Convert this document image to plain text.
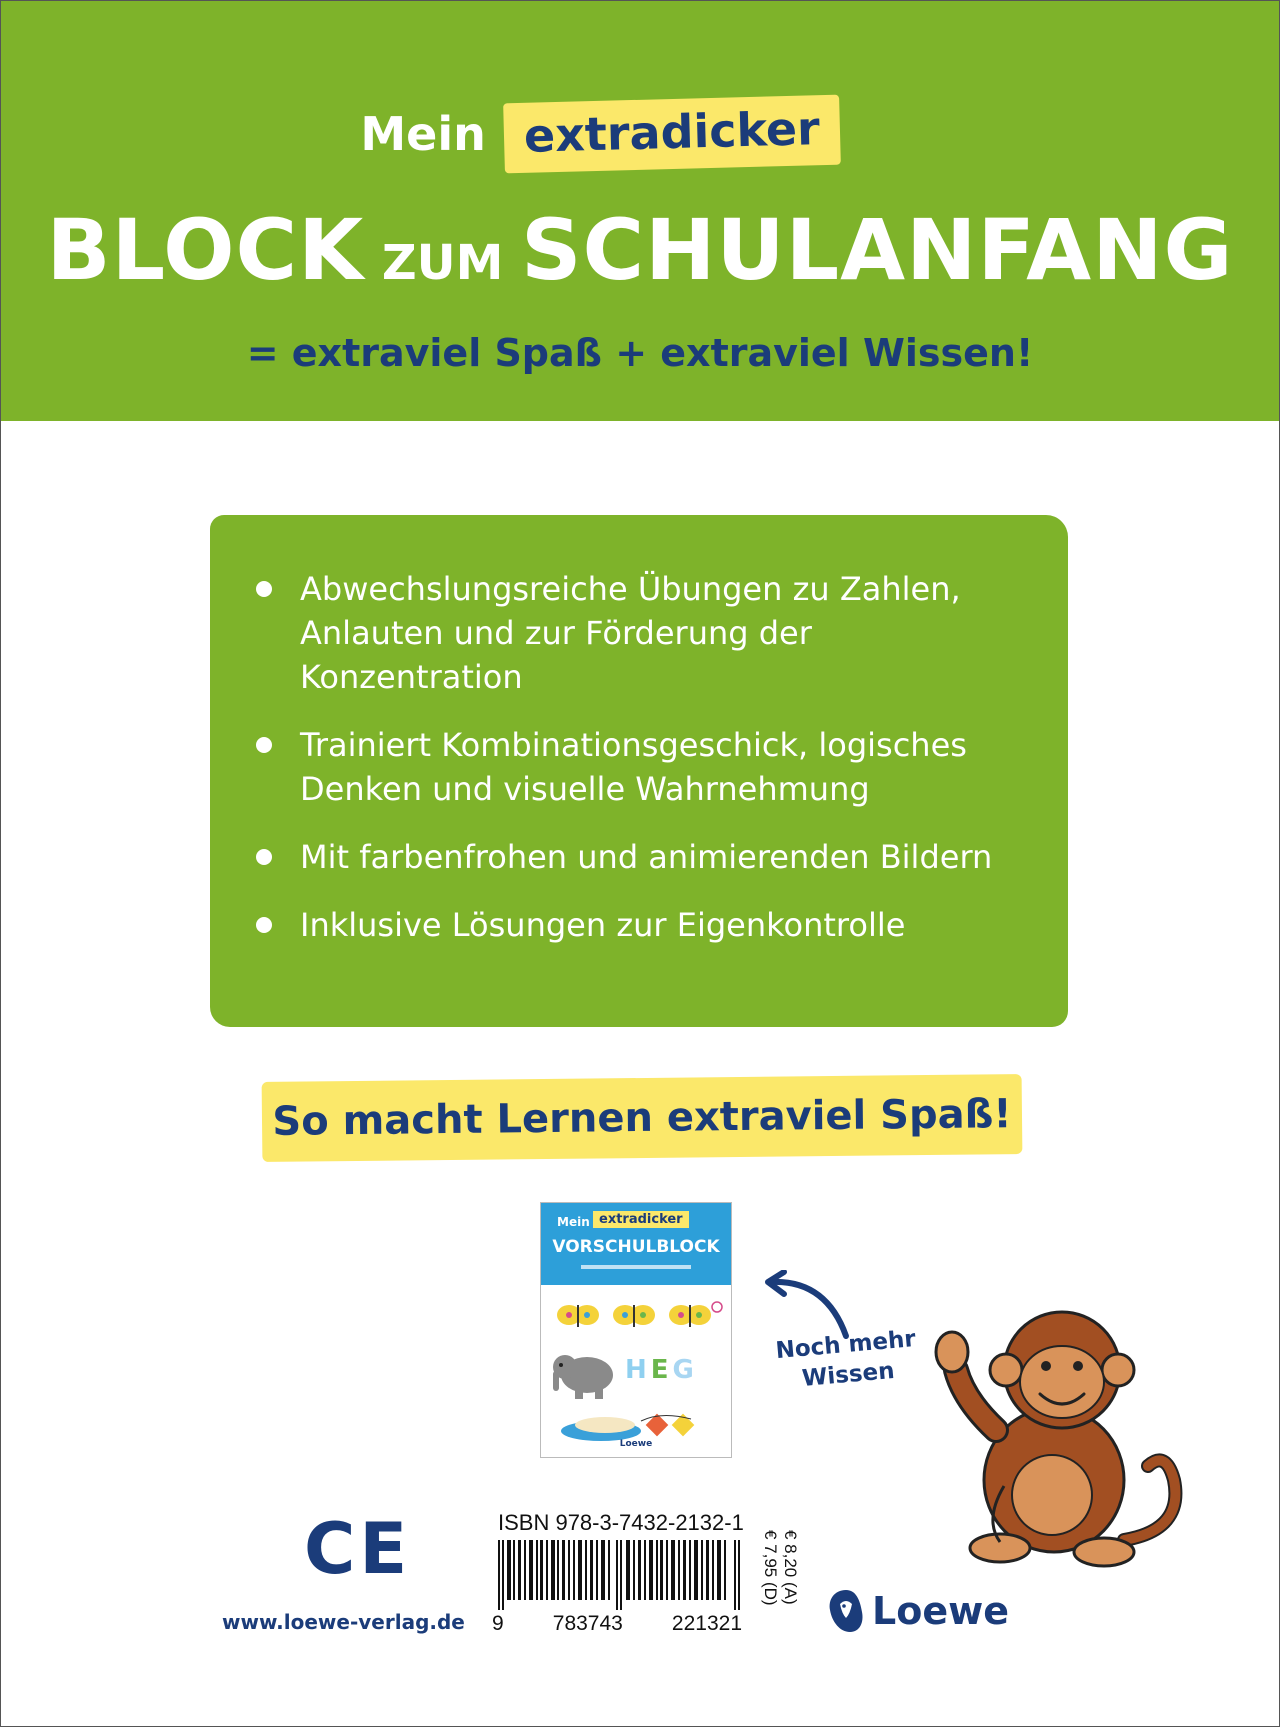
Mein extradicker
BLOCK ZUM SCHULANFANG
= extraviel Spaß + extraviel Wissen!
Abwechslungsreiche Übungen zu Zahlen, Anlauten und zur Förderung der Konzentration
Trainiert Kombinationsgeschick, logisches Denken und visuelle Wahrnehmung
Mit farbenfrohen und animierenden Bildern
Inklusive Lösungen zur Eigenkontrolle
So macht Lernen extraviel Spaß!
Mein extradicker
VORSCHULBLOCK
HEG
Loewe
Noch mehr Wissen
CE
www.loewe-verlag.de
ISBN 978-3-7432-2132-1
9 783743 221321
€ 7,95 (D) € 8,20 (A)
Loewe
